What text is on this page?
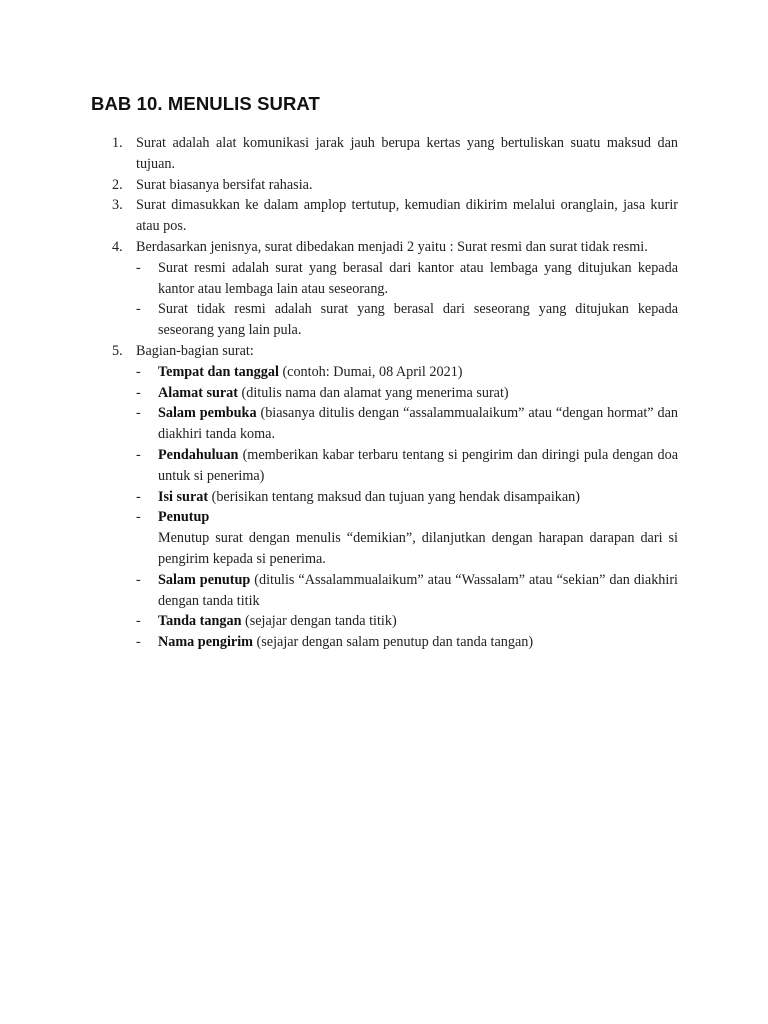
BAB 10. MENULIS SURAT
1. Surat adalah alat komunikasi jarak jauh berupa kertas yang bertuliskan suatu maksud dan tujuan.
2. Surat biasanya bersifat rahasia.
3. Surat dimasukkan ke dalam amplop tertutup, kemudian dikirim melalui oranglain, jasa kurir atau pos.
4. Berdasarkan jenisnya, surat dibedakan menjadi 2 yaitu : Surat resmi dan surat tidak resmi.
-	Surat resmi adalah surat yang berasal dari kantor atau lembaga yang ditujukan kepada kantor atau lembaga lain atau seseorang.
-	Surat tidak resmi adalah surat yang berasal dari seseorang yang ditujukan kepada seseorang yang lain pula.
5. Bagian-bagian surat:
-	Tempat dan tanggal (contoh: Dumai, 08 April 2021)
-	Alamat surat (ditulis nama dan alamat yang menerima surat)
-	Salam pembuka (biasanya ditulis dengan “assalammualaikum” atau “dengan hormat” dan diakhiri tanda koma.
-	Pendahuluan (memberikan kabar terbaru tentang si pengirim dan diringi pula dengan doa untuk si penerima)
-	Isi surat (berisikan tentang maksud dan tujuan yang hendak disampaikan)
-	Penutup
Menutup surat dengan menulis “demikian”, dilanjutkan dengan harapan darapan dari si pengirim kepada si penerima.
-	Salam penutup (ditulis “Assalammualaikum” atau “Wassalam” atau “sekian” dan diakhiri dengan tanda titik
-	Tanda tangan (sejajar dengan tanda titik)
-	Nama pengirim (sejajar dengan salam penutup dan tanda tangan)
